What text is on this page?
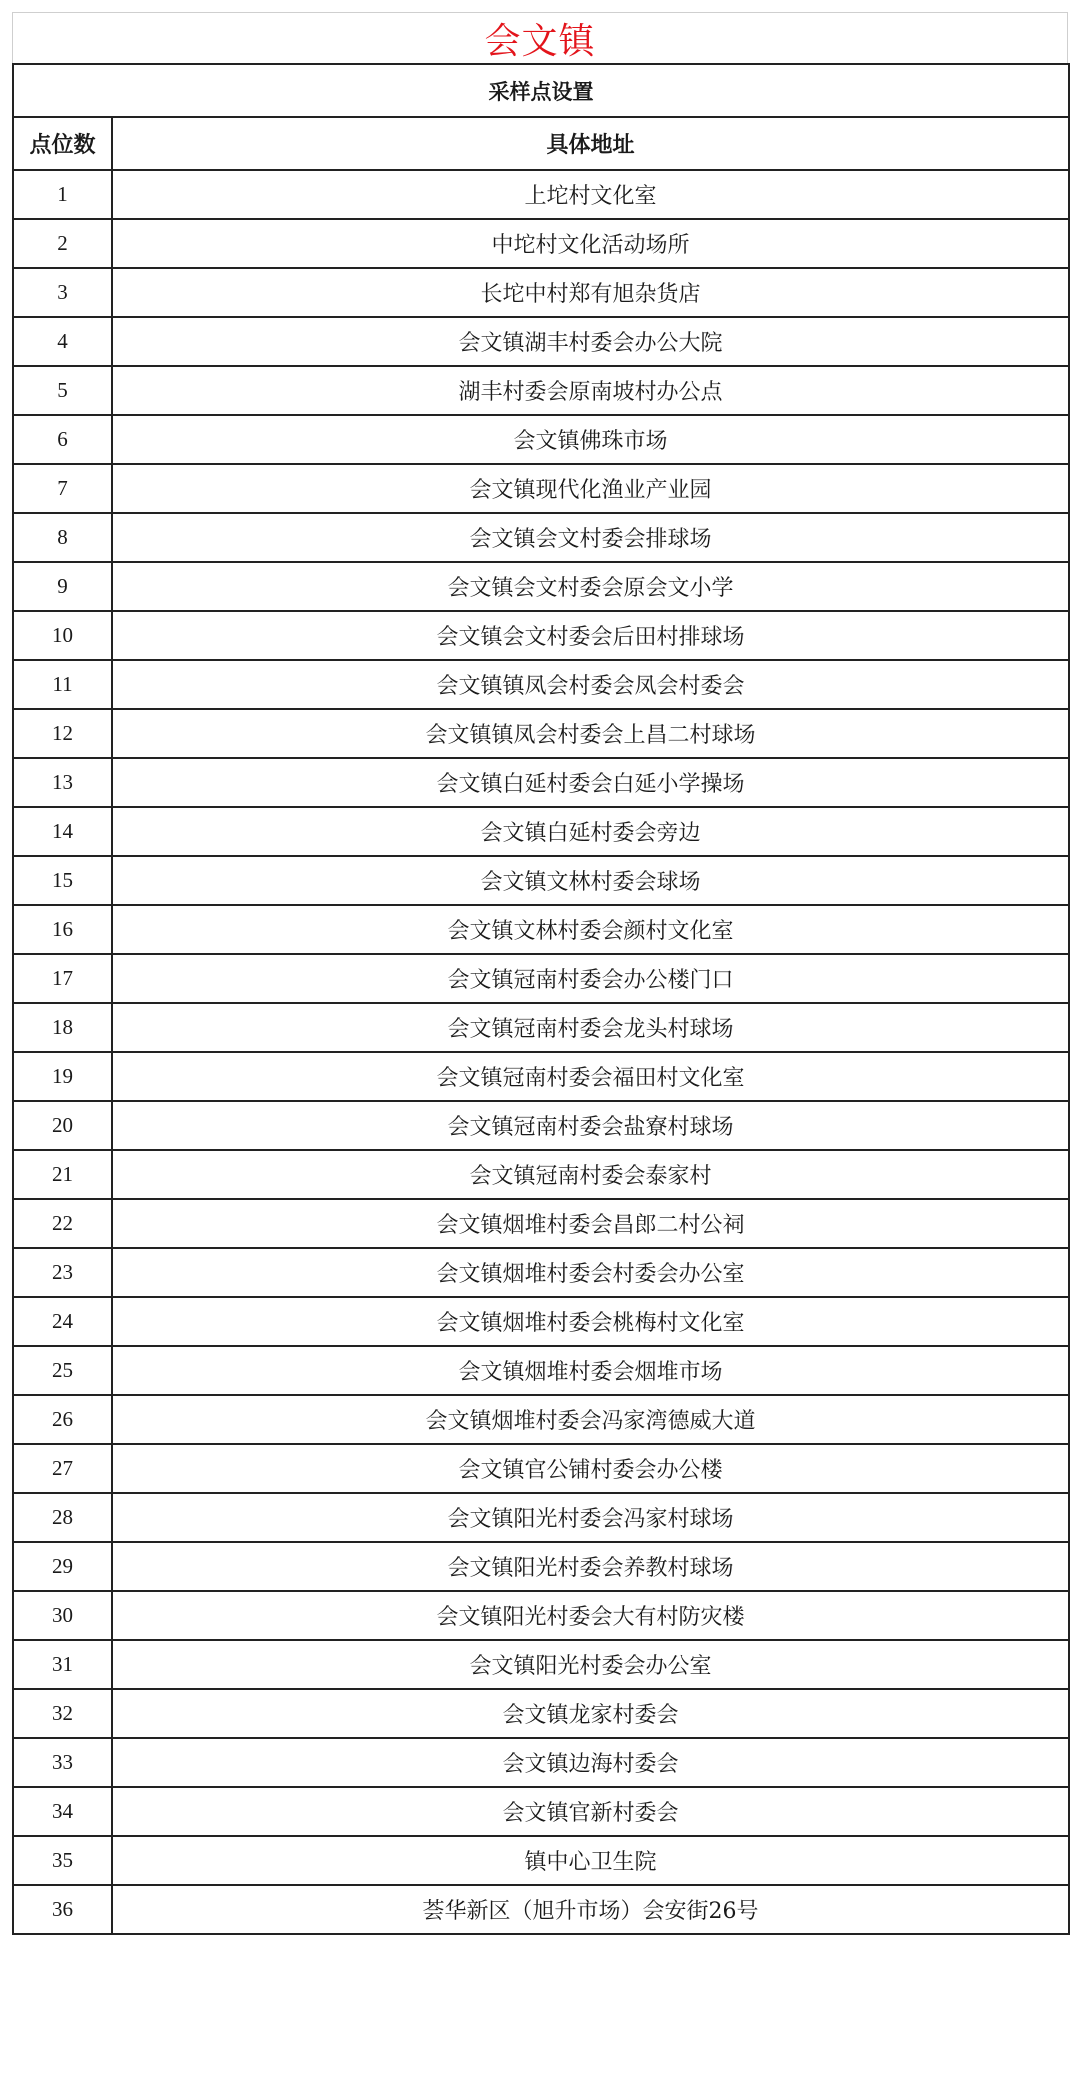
会文镇
采样点设置	
点位数	具体地址
1	上坨村文化室
2	中坨村文化活动场所
3	长坨中村郑有旭杂货店
4	会文镇湖丰村委会办公大院
5	湖丰村委会原南坡村办公点
6	会文镇佛珠市场
7	会文镇现代化渔业产业园
8	会文镇会文村委会排球场
9	会文镇会文村委会原会文小学
10	会文镇会文村委会后田村排球场
11	会文镇镇凤会村委会凤会村委会
12	会文镇镇凤会村委会上昌二村球场
13	会文镇白延村委会白延小学操场
14	会文镇白延村委会旁边
15	会文镇文林村委会球场
16	会文镇文林村委会颜村文化室
17	会文镇冠南村委会办公楼门口
18	会文镇冠南村委会龙头村球场
19	会文镇冠南村委会福田村文化室
20	会文镇冠南村委会盐寮村球场
21	会文镇冠南村委会泰家村
22	会文镇烟堆村委会昌郎二村公祠
23	会文镇烟堆村委会村委会办公室
24	会文镇烟堆村委会桃梅村文化室
25	会文镇烟堆村委会烟堆市场
26	会文镇烟堆村委会冯家湾德威大道
27	会文镇官公铺村委会办公楼
28	会文镇阳光村委会冯家村球场
29	会文镇阳光村委会养教村球场
30	会文镇阳光村委会大有村防灾楼
31	会文镇阳光村委会办公室
32	会文镇龙家村委会
33	会文镇边海村委会
34	会文镇官新村委会
35	镇中心卫生院
36	荟华新区（旭升市场）会安街26号
